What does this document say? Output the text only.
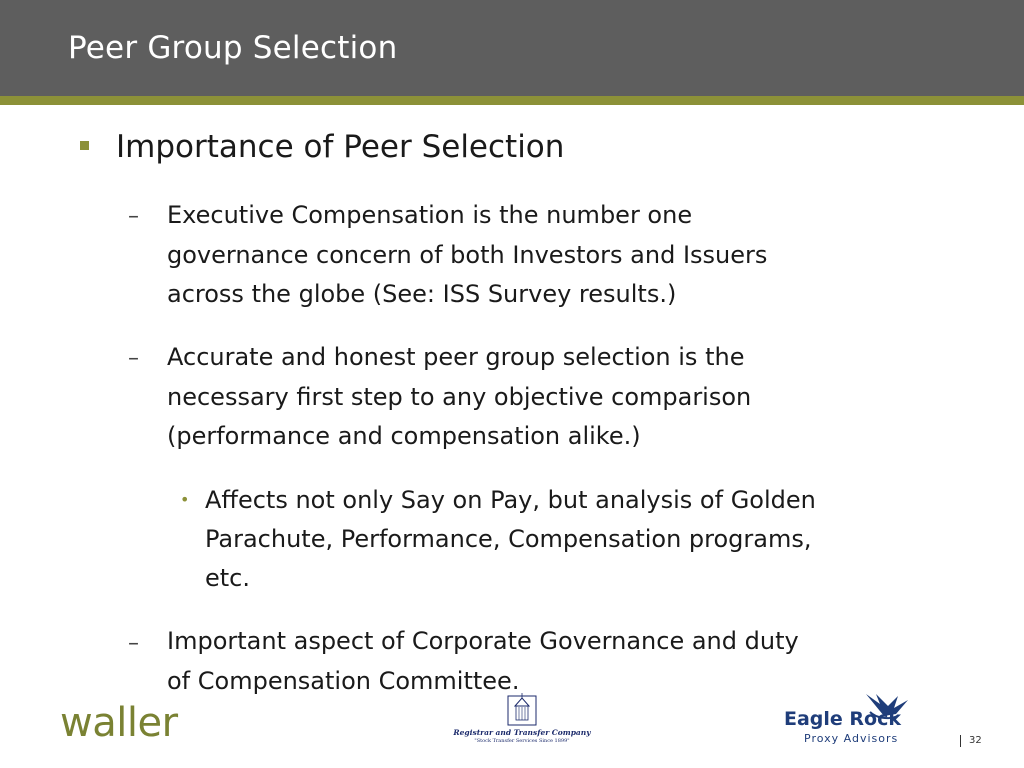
Peer Group Selection
Importance of Peer Selection
–	Executive Compensation is the number one
governance concern of both Investors and Issuers
across the globe (See: ISS Survey results.)
–	Accurate and honest peer group selection is the
necessary first step to any objective comparison
(performance and compensation alike.)
• Affects not only Say on Pay, but analysis of Golden
Parachute, Performance, Compensation programs,
etc.
–	Important aspect of Corporate Governance and duty
of Compensation Committee.
waller	Registrar and Transfer Company
"Stock Transfer Services Since 1899"
Eagle Rock
Proxy Advisors	32
